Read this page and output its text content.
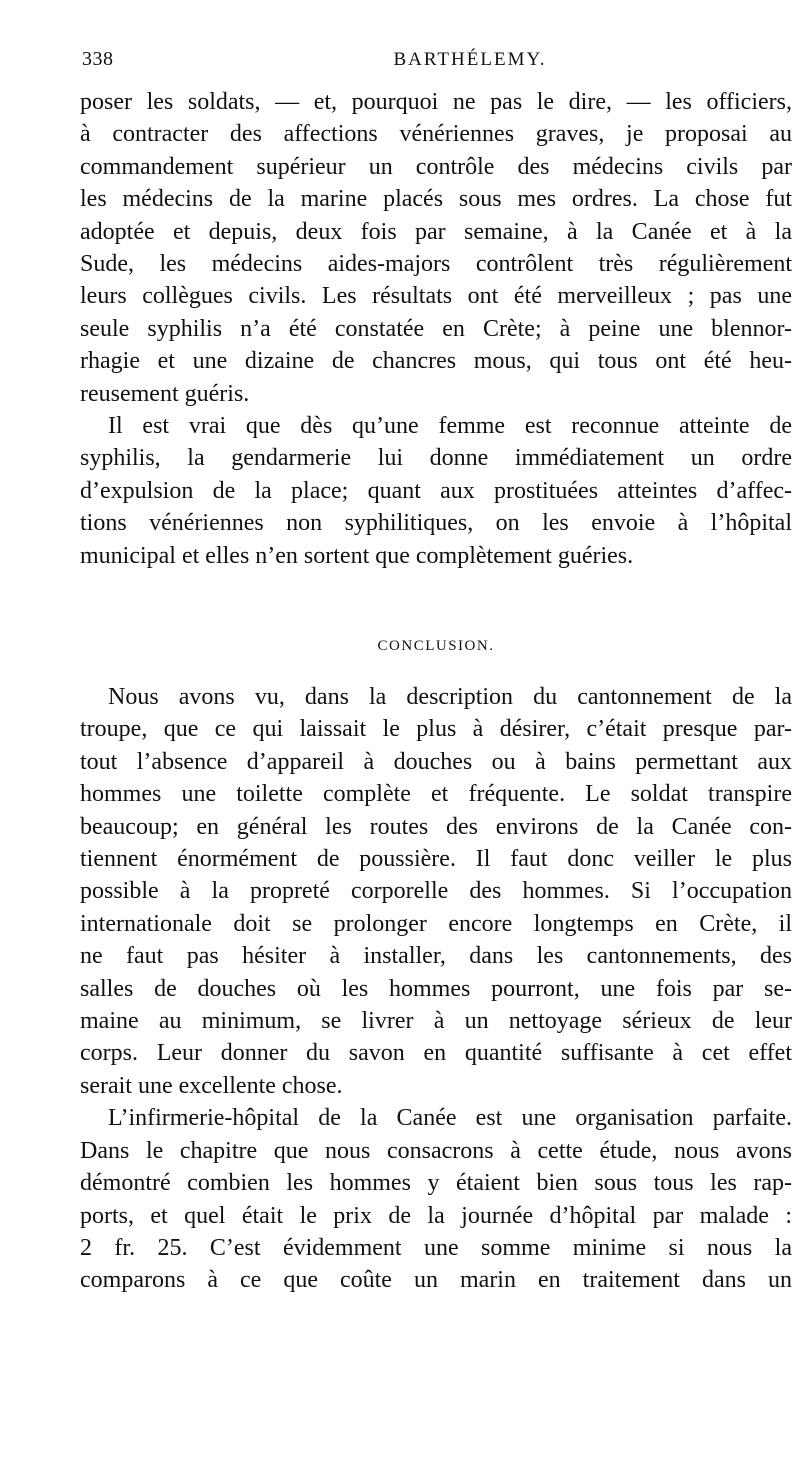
338	BARTHÉLEMY.

poser les soldats, — et, pourquoi ne pas le dire, — les officiers,
à contracter des affections vénériennes graves, je proposai au
commandement supérieur un contrôle des médecins civils par
les médecins de la marine placés sous mes ordres. La chose fut
adoptée et depuis, deux fois par semaine, à la Canée et à la
Sude, les médecins aides-majors contrôlent très régulièrement
leurs collègues civils. Les résultats ont été merveilleux ; pas une
seule syphilis n’a été constatée en Crète; à peine une blennor-
rhagie et une dizaine de chancres mous, qui tous ont été heu-
reusement guéris.

Il est vrai que dès qu’une femme est reconnue atteinte de
syphilis, la gendarmerie lui donne immédiatement un ordre
d’expulsion de la place; quant aux prostituées atteintes d’affec-
tions vénériennes non syphilitiques, on les envoie à l’hôpital
municipal et elles n’en sortent que complètement guéries.

CONCLUSION.

Nous avons vu, dans la description du cantonnement de la
troupe, que ce qui laissait le plus à désirer, c’était presque par-
tout l’absence d’appareil à douches ou à bains permettant aux
hommes une toilette complète et fréquente. Le soldat transpire
beaucoup; en général les routes des environs de la Canée con-
tiennent énormément de poussière. Il faut donc veiller le plus
possible à la propreté corporelle des hommes. Si l’occupation
internationale doit se prolonger encore longtemps en Crète, il
ne faut pas hésiter à installer, dans les cantonnements, des
salles de douches où les hommes pourront, une fois par se-
maine au minimum, se livrer à un nettoyage sérieux de leur
corps. Leur donner du savon en quantité suffisante à cet effet
serait une excellente chose.

L’infirmerie-hôpital de la Canée est une organisation parfaite.
Dans le chapitre que nous consacrons à cette étude, nous avons
démontré combien les hommes y étaient bien sous tous les rap-
ports, et quel était le prix de la journée d’hôpital par malade :
2 fr. 25. C’est évidemment une somme minime si nous la
comparons à ce que coûte un marin en traitement dans un
